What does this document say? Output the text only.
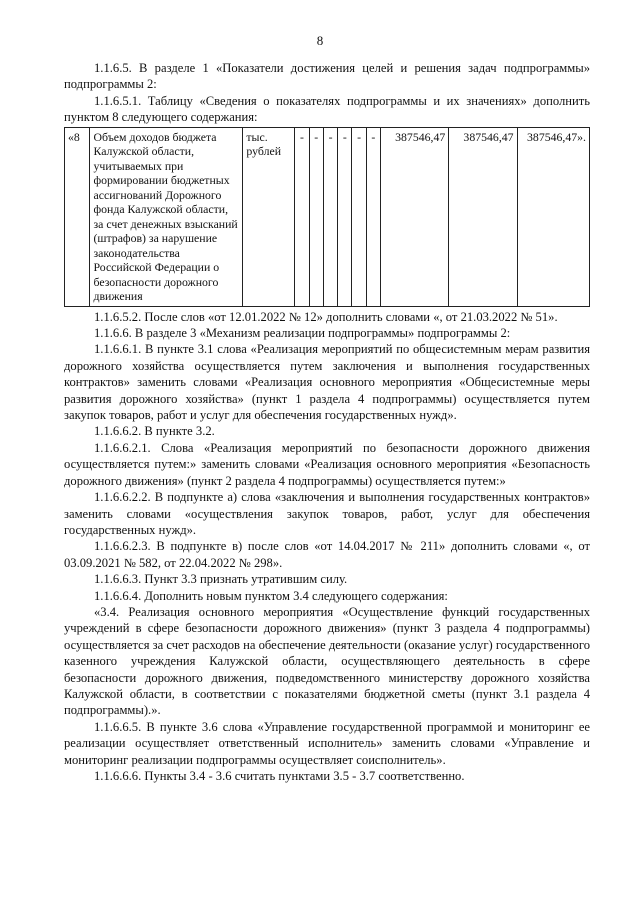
8

1.1.6.5. В разделе 1 «Показатели достижения целей и решения задач подпрограммы» подпрограммы 2:

1.1.6.5.1. Таблицу «Сведения о показателях подпрограммы и их значениях» дополнить пунктом 8 следующего содержания:

«8	Объем доходов бюджета Калужской области, учитываемых при формировании бюджетных ассигнований Дорожного фонда Калужской области, за счет денежных взысканий (штрафов) за нарушение законодательства Российской Федерации о безопасности дорожного движения	тыс. рублей	-	-	-	-	-	-	387546,47	387546,47	387546,47».

1.1.6.5.2. После слов «от 12.01.2022 № 12» дополнить словами «, от 21.03.2022 № 51».

1.1.6.6. В разделе 3 «Механизм реализации подпрограммы» подпрограммы 2:

1.1.6.6.1. В пункте 3.1 слова «Реализация мероприятий по общесистемным мерам развития дорожного хозяйства осуществляется путем заключения и выполнения государственных контрактов» заменить словами «Реализация основного мероприятия «Общесистемные меры развития дорожного хозяйства» (пункт 1 раздела 4 подпрограммы) осуществляется путем закупок товаров, работ и услуг для обеспечения государственных нужд».

1.1.6.6.2. В пункте 3.2.

1.1.6.6.2.1. Слова «Реализация мероприятий по безопасности дорожного движения осуществляется путем:» заменить словами «Реализация основного мероприятия «Безопасность дорожного движения» (пункт 2 раздела 4 подпрограммы) осуществляется путем:»

1.1.6.6.2.2. В подпункте а) слова «заключения и выполнения государственных контрактов» заменить словами «осуществления закупок товаров, работ, услуг для обеспечения государственных нужд».

1.1.6.6.2.3. В подпункте в) после слов «от 14.04.2017 № 211» дополнить словами «, от 03.09.2021 № 582, от 22.04.2022 № 298».

1.1.6.6.3. Пункт 3.3 признать утратившим силу.

1.1.6.6.4. Дополнить новым пунктом 3.4 следующего содержания:

«3.4. Реализация основного мероприятия «Осуществление функций государственных учреждений в сфере безопасности дорожного движения» (пункт 3 раздела 4 подпрограммы) осуществляется за счет расходов на обеспечение деятельности (оказание услуг) государственного казенного учреждения Калужской области, осуществляющего деятельность в сфере безопасности дорожного движения, подведомственного министерству дорожного хозяйства Калужской области, в соответствии с показателями бюджетной сметы (пункт 3.1 раздела 4 подпрограммы).».

1.1.6.6.5. В пункте 3.6 слова «Управление государственной программой и мониторинг ее реализации осуществляет ответственный исполнитель» заменить словами «Управление и мониторинг реализации подпрограммы осуществляет соисполнитель».

1.1.6.6.6. Пункты 3.4 - 3.6 считать пунктами 3.5 - 3.7 соответственно.
